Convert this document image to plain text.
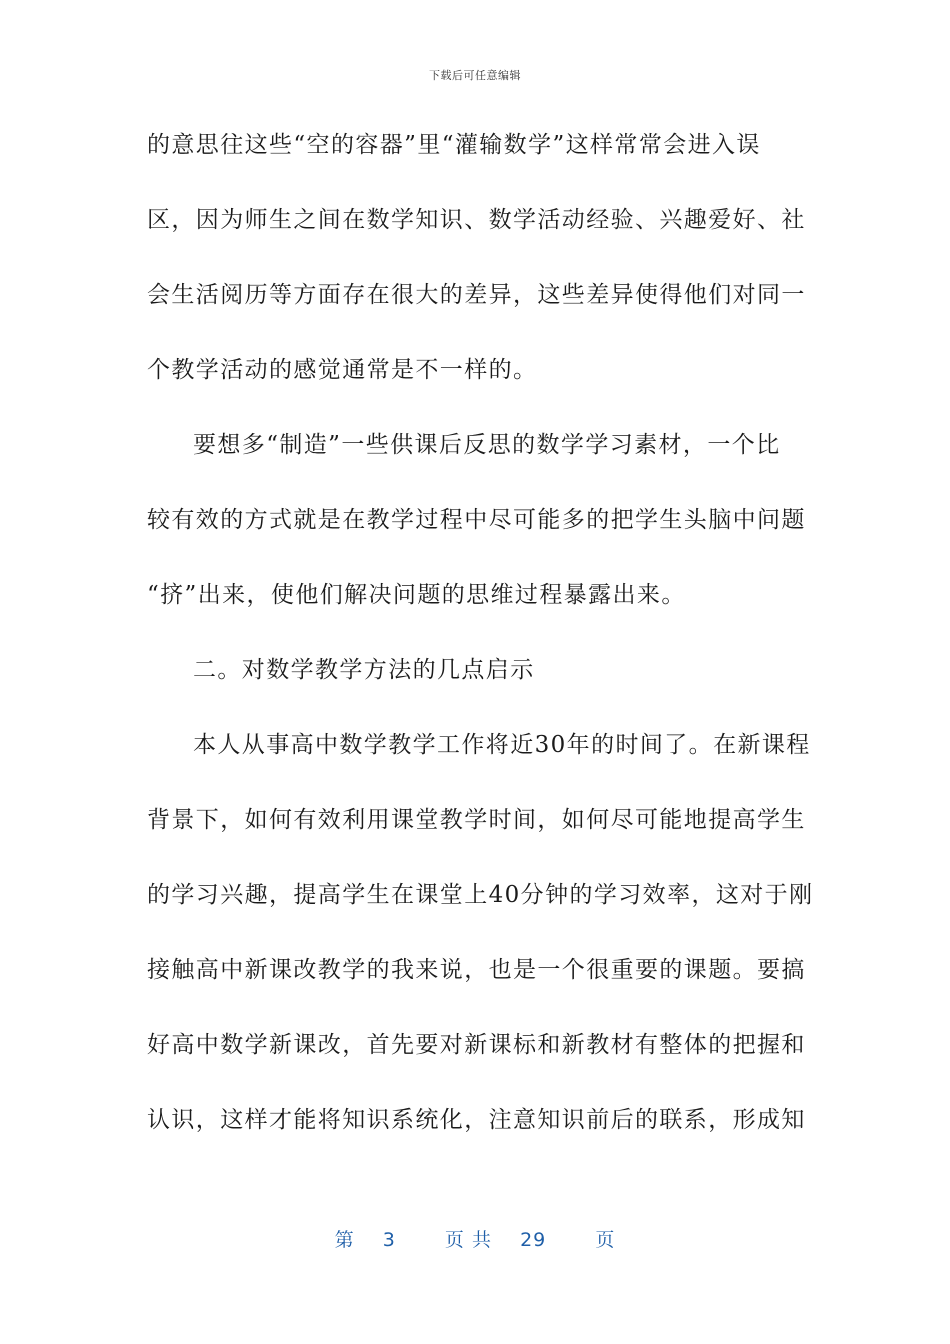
下载后可任意编辑
的意思往这些“空的容器”里“灌输数学”这样常常会进入误
区，因为师生之间在数学知识、数学活动经验、兴趣爱好、社
会生活阅历等方面存在很大的差异，这些差异使得他们对同一
个教学活动的感觉通常是不一样的。
要想多“制造”一些供课后反思的数学学习素材，一个比
较有效的方式就是在教学过程中尽可能多的把学生头脑中问题
“挤”出来，使他们解决问题的思维过程暴露出来。
二。对数学教学方法的几点启示
本人从事高中数学教学工作将近30年的时间了。在新课程
背景下，如何有效利用课堂教学时间，如何尽可能地提高学生
的学习兴趣，提高学生在课堂上40分钟的学习效率，这对于刚
接触高中新课改教学的我来说，也是一个很重要的课题。要搞
好高中数学新课改，首先要对新课标和新教材有整体的把握和
认识，这样才能将知识系统化，注意知识前后的联系，形成知
第 3	页 共 29	页
